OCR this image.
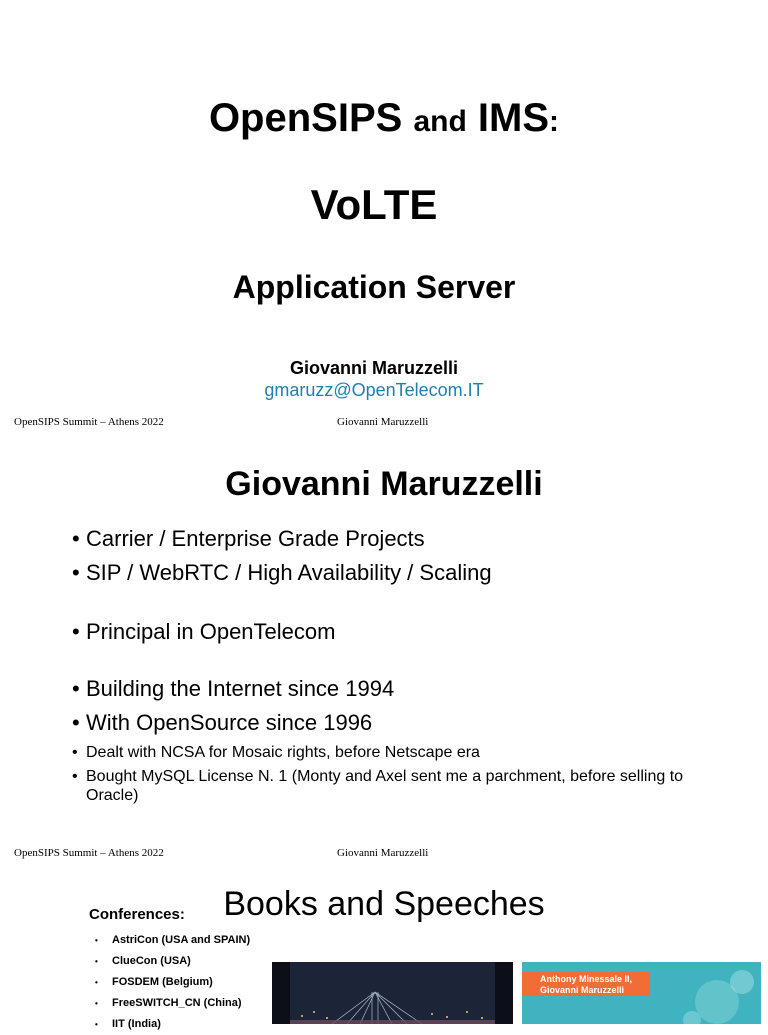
OpenSIPS and IMS:
VoLTE
Application Server
Giovanni Maruzzelli
gmaruzz@OpenTelecom.IT
OpenSIPS Summit – Athens 2022	Giovanni Maruzzelli
Giovanni Maruzzelli
• Carrier / Enterprise Grade Projects
• SIP / WebRTC / High Availability / Scaling
• Principal in OpenTelecom
• Building the Internet since 1994
• With OpenSource since 1996
• Dealt with NCSA for Mosaic rights, before Netscape era
• Bought MySQL License N. 1 (Monty and Axel sent me a parchment, before selling to Oracle)
OpenSIPS Summit – Athens 2022	Giovanni Maruzzelli
Books and Speeches
Conferences:
• AstriCon (USA and SPAIN)
• ClueCon (USA)
• FOSDEM (Belgium)
• FreeSWITCH_CN (China)
• IIT (India)
Anthony Minessale II,
Giovanni Maruzzelli
